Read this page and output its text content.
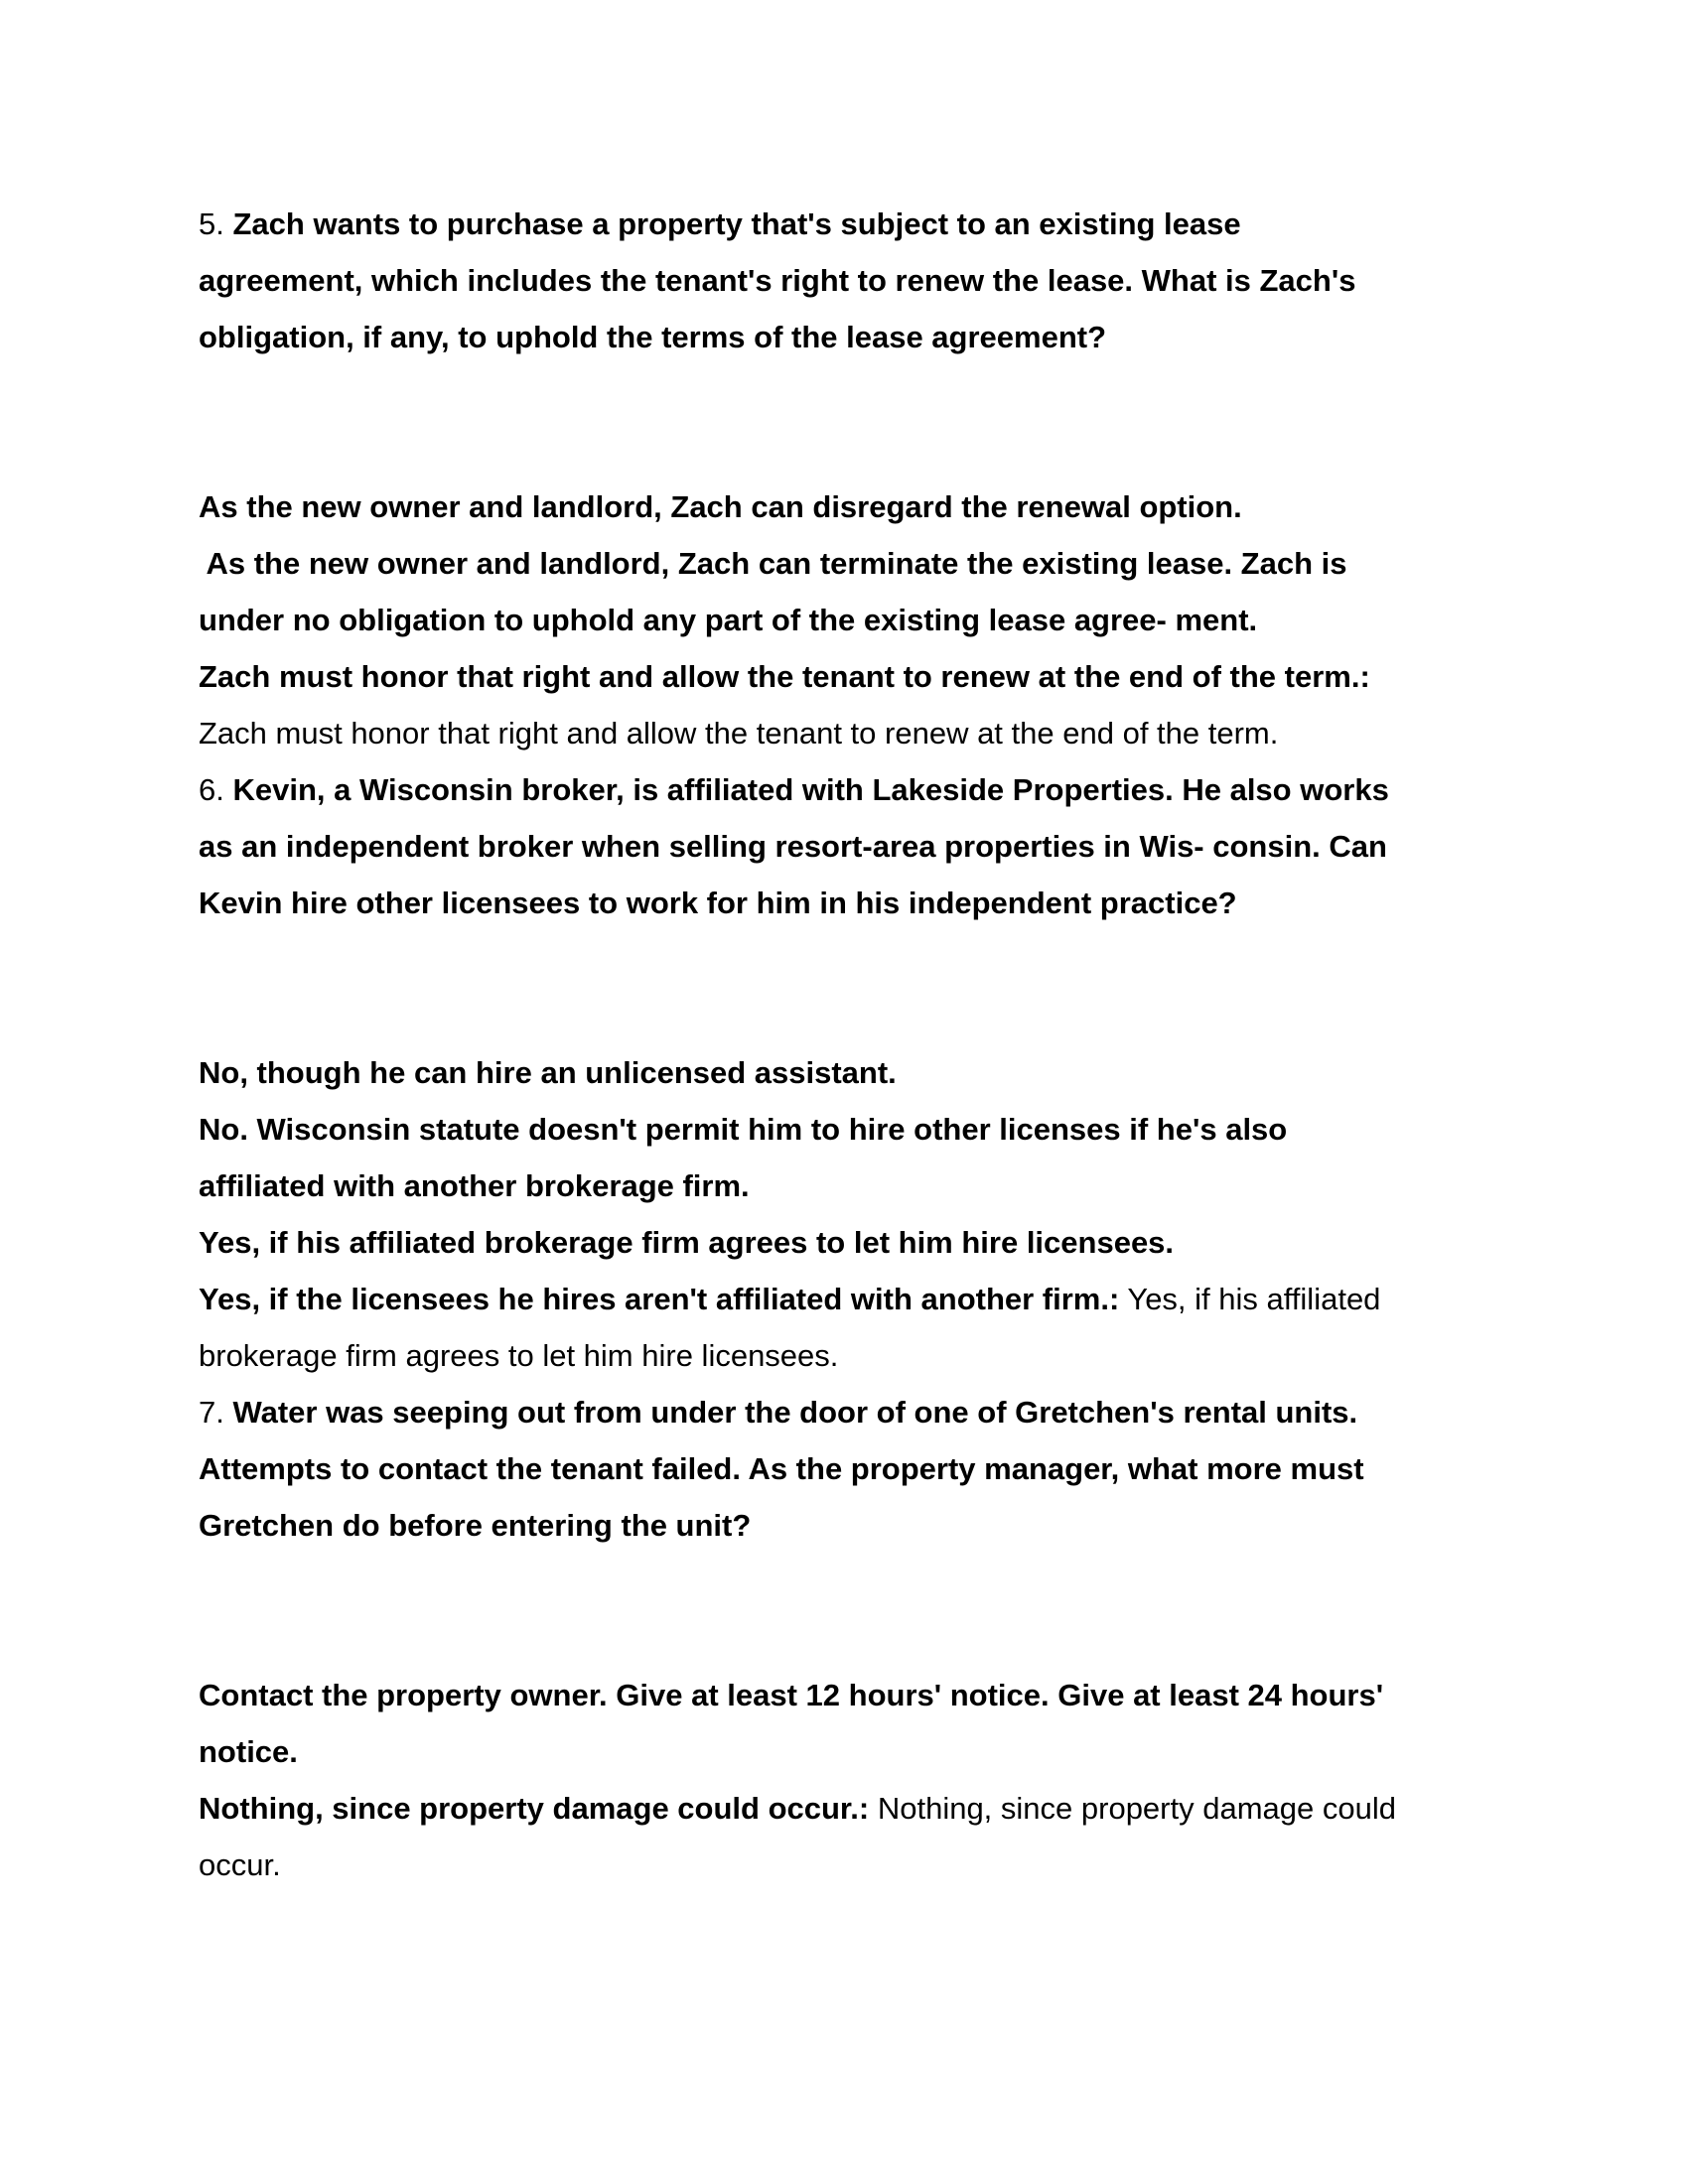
5. Zach wants to purchase a property that's subject to an existing lease
agreement, which includes the tenant's right to renew the lease. What is Zach's
obligation, if any, to uphold the terms of the lease agreement?
As the new owner and landlord, Zach can disregard the renewal option.
As the new owner and landlord, Zach can terminate the existing lease. Zach is
under no obligation to uphold any part of the existing lease agree- ment.
Zach must honor that right and allow the tenant to renew at the end of the term.:
Zach must honor that right and allow the tenant to renew at the end of the term.
6. Kevin, a Wisconsin broker, is affiliated with Lakeside Properties. He also works
as an independent broker when selling resort-area properties in Wis- consin. Can
Kevin hire other licensees to work for him in his independent practice?
No, though he can hire an unlicensed assistant.
No. Wisconsin statute doesn't permit him to hire other licenses if he's also
affiliated with another brokerage firm.
Yes, if his affiliated brokerage firm agrees to let him hire licensees.
Yes, if the licensees he hires aren't affiliated with another firm.: Yes, if his affiliated
brokerage firm agrees to let him hire licensees.
7. Water was seeping out from under the door of one of Gretchen's rental units.
Attempts to contact the tenant failed. As the property manager, what more must
Gretchen do before entering the unit?
Contact the property owner. Give at least 12 hours' notice. Give at least 24 hours'
notice.
Nothing, since property damage could occur.: Nothing, since property damage could
occur.
